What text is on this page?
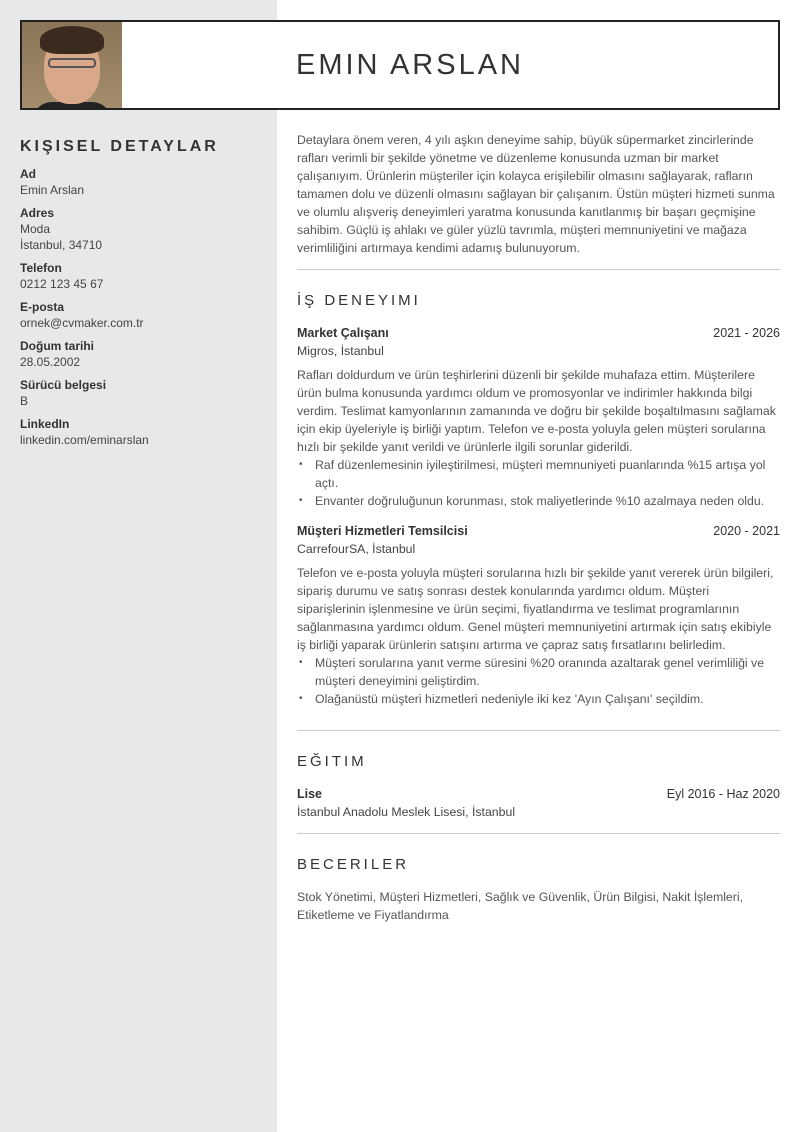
EMIN ARSLAN
KIŞISEL DETAYLAR
Ad
Emin Arslan
Adres
Moda
İstanbul, 34710
Telefon
0212 123 45 67
E-posta
ornek@cvmaker.com.tr
Doğum tarihi
28.05.2002
Sürücü belgesi
B
LinkedIn
linkedin.com/eminarslan
Detaylara önem veren, 4 yılı aşkın deneyime sahip, büyük süpermarket zincirlerinde rafları verimli bir şekilde yönetme ve düzenleme konusunda uzman bir market çalışanıyım. Ürünlerin müşteriler için kolayca erişilebilir olmasını sağlayarak, rafların tamamen dolu ve düzenli olmasını sağlayan bir çalışanım. Üstün müşteri hizmeti sunma ve olumlu alışveriş deneyimleri yaratma konusunda kanıtlanmış bir başarı geçmişine sahibim. Güçlü iş ahlakı ve güler yüzlü tavrımla, müşteri memnuniyetini ve mağaza verimliliğini artırmaya kendimi adamış bulunuyorum.
İŞ DENEYIMI
Market Çalışanı	2021 - 2026
Migros, İstanbul
Rafları doldurdum ve ürün teşhirlerini düzenli bir şekilde muhafaza ettim. Müşterilere ürün bulma konusunda yardımcı oldum ve promosyonlar ve indirimler hakkında bilgi verdim. Teslimat kamyonlarının zamanında ve doğru bir şekilde boşaltılmasını sağlamak için ekip üyeleriyle iş birliği yaptım. Telefon ve e-posta yoluyla gelen müşteri sorularına hızlı bir şekilde yanıt verildi ve ürünlerle ilgili sorunlar giderildi.
• Raf düzenlemesinin iyileştirilmesi, müşteri memnuniyeti puanlarında %15 artışa yol açtı.
• Envanter doğruluğunun korunması, stok maliyetlerinde %10 azalmaya neden oldu.
Müşteri Hizmetleri Temsilcisi	2020 - 2021
CarrefourSA, İstanbul
Telefon ve e-posta yoluyla müşteri sorularına hızlı bir şekilde yanıt vererek ürün bilgileri, sipariş durumu ve satış sonrası destek konularında yardımcı oldum. Müşteri siparişlerinin işlenmesine ve ürün seçimi, fiyatlandırma ve teslimat programlarının sağlanmasına yardımcı oldum. Genel müşteri memnuniyetini artırmak için satış ekibiyle iş birliği yaparak ürünlerin satışını artırma ve çapraz satış fırsatlarını belirledim.
• Müşteri sorularına yanıt verme süresini %20 oranında azaltarak genel verimliliği ve müşteri deneyimini geliştirdim.
• Olağanüstü müşteri hizmetleri nedeniyle iki kez 'Ayın Çalışanı' seçildim.
EĞITIM
Lise	Eyl 2016 - Haz 2020
İstanbul Anadolu Meslek Lisesi, İstanbul
BECERILER
Stok Yönetimi, Müşteri Hizmetleri, Sağlık ve Güvenlik, Ürün Bilgisi, Nakit İşlemleri, Etiketleme ve Fiyatlandırma
